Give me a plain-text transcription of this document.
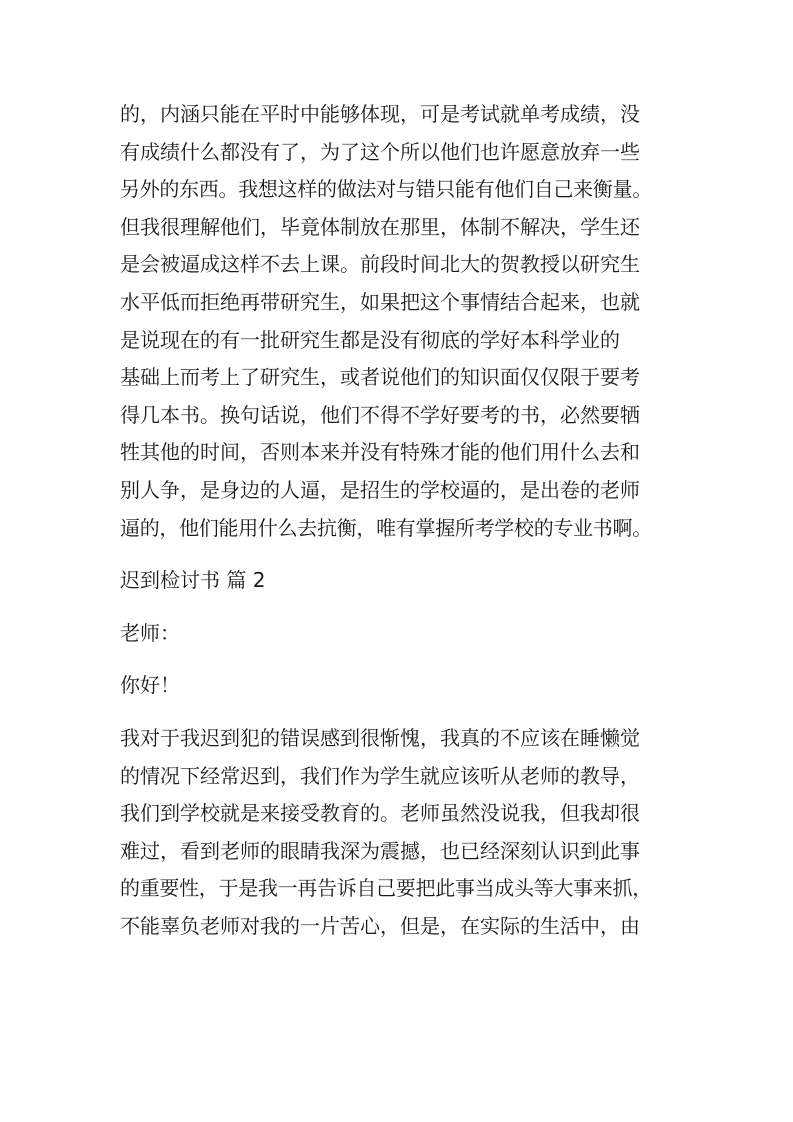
的，内涵只能在平时中能够体现，可是考试就单考成绩，没
有成绩什么都没有了，为了这个所以他们也许愿意放弃一些
另外的东西。我想这样的做法对与错只能有他们自己来衡量。
但我很理解他们，毕竟体制放在那里，体制不解决，学生还
是会被逼成这样不去上课。前段时间北大的贺教授以研究生
水平低而拒绝再带研究生，如果把这个事情结合起来，也就
是说现在的有一批研究生都是没有彻底的学好本科学业的
基础上而考上了研究生，或者说他们的知识面仅仅限于要考
得几本书。换句话说，他们不得不学好要考的书，必然要牺
牲其他的时间，否则本来并没有特殊才能的他们用什么去和
别人争，是身边的人逼，是招生的学校逼的，是出卷的老师
逼的，他们能用什么去抗衡，唯有掌握所考学校的专业书啊。
迟到检讨书 篇 2
老师：
你好！
我对于我迟到犯的错误感到很惭愧，我真的不应该在睡懒觉
的情况下经常迟到，我们作为学生就应该听从老师的教导，
我们到学校就是来接受教育的。老师虽然没说我，但我却很
难过，看到老师的眼睛我深为震撼，也已经深刻认识到此事
的重要性，于是我一再告诉自己要把此事当成头等大事来抓，
不能辜负老师对我的一片苦心，但是，在实际的生活中，由
